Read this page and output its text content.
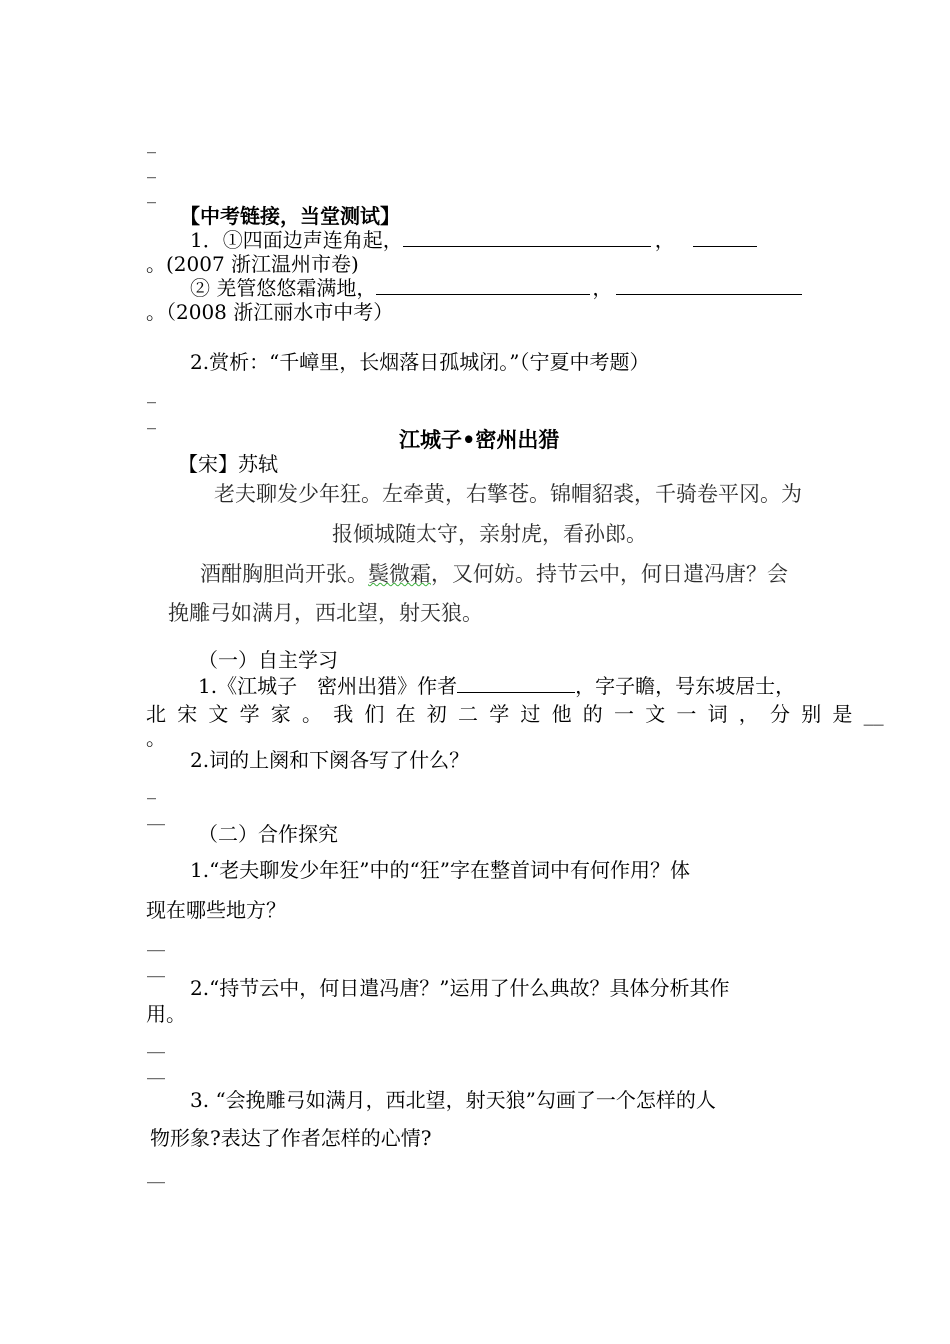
_
_
_
【中考链接，当堂测试】
1．①四面边声连角起，	，
。(2007 浙江温州市卷)
② 羌管悠悠霜满地，	，
。（2008 浙江丽水市中考）
2.赏析：“千嶂里，长烟落日孤城闭。”（宁夏中考题）
_
_
江城子•密州出猎
【宋】苏轼
老夫聊发少年狂。左牵黄，右擎苍。锦帽貂裘，千骑卷平冈。为
报倾城随太守，亲射虎，看孙郎。
酒酣胸胆尚开张。鬓微霜，又何妨。持节云中，何日遣冯唐？会
挽雕弓如满月，西北望，射天狼。
（一）自主学习
1.《江城子　密州出猎》作者	，字子瞻，号东坡居士，
北宋文学家。我们在初二学过他的一文一词，分别是 __
。
2.词的上阕和下阕各写了什么？
_
__
（二）合作探究
1.“老夫聊发少年狂”中的“狂”字在整首词中有何作用？体
现在哪些地方？
__
__
2.“持节云中，何日遣冯唐？”运用了什么典故？具体分析其作
用。
__
__
3. “会挽雕弓如满月，西北望，射天狼”勾画了一个怎样的人
物形象?表达了作者怎样的心情?
__
